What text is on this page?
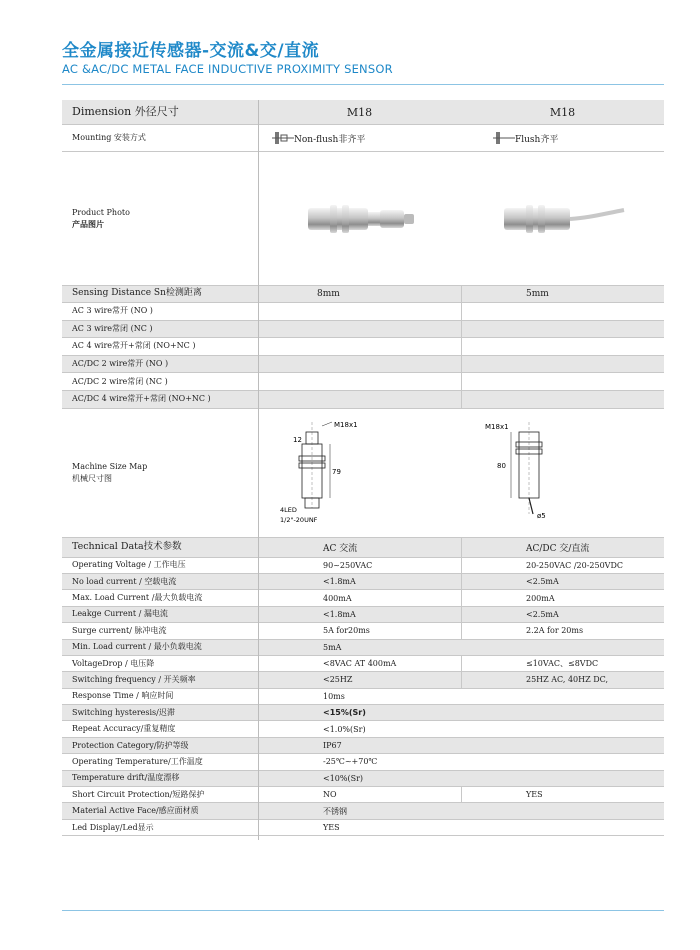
全金属接近传感器-交流&交/直流
AC &AC/DC METAL FACE INDUCTIVE PROXIMITY SENSOR
Dimension 外径尺寸	M18	M18
Mounting 安装方式	Non-flush非齐平	Flush齐平
Product Photo
产品图片
Sensing Distance Sn检测距离	8mm	5mm
AC 3 wire常开 (NO )
AC 3 wire常闭 (NC )
AC 4 wire常开+常闭 (NO+NC )
AC/DC 2 wire常开 (NO )
AC/DC 2 wire常闭 (NC )
AC/DC 4 wire常开+常闭 (NO+NC )
Machine Size Map
机械尺寸图
M18x1
12
79
4LED
1/2"-20UNF
M18x1
80
ø5
Technical Data技术参数	AC 交流	AC/DC 交/直流
Operating Voltage / 工作电压	90~250VAC	20-250VAC /20-250VDC
No load current / 空载电流	<1.8mA	<2.5mA
Max. Load Current /最大负载电流	400mA	200mA
Leakge Current / 漏电流	<1.8mA	<2.5mA
Surge current/ 脉冲电流	5A for20ms	2.2A for 20ms
Min. Load current / 最小负载电流	5mA
VoltageDrop / 电压降	<8VAC AT 400mA	≤10VAC、≤8VDC
Switching frequency / 开关频率	<25HZ	25HZ AC, 40HZ DC,
Response Time / 响应时间	10ms
Switching hysteresis/迟滞	<15%(Sr)
Repeat Accuracy/重复精度	<1.0%(Sr)
Protection Category/防护等级	IP67
Operating Temperature/工作温度	-25℃~+70℃
Temperature drift/温度漂移	<10%(Sr)
Short Circuit Protection/短路保护	NO	YES
Material Active Face/感应面材质	不锈钢
Led Display/Led显示	YES
